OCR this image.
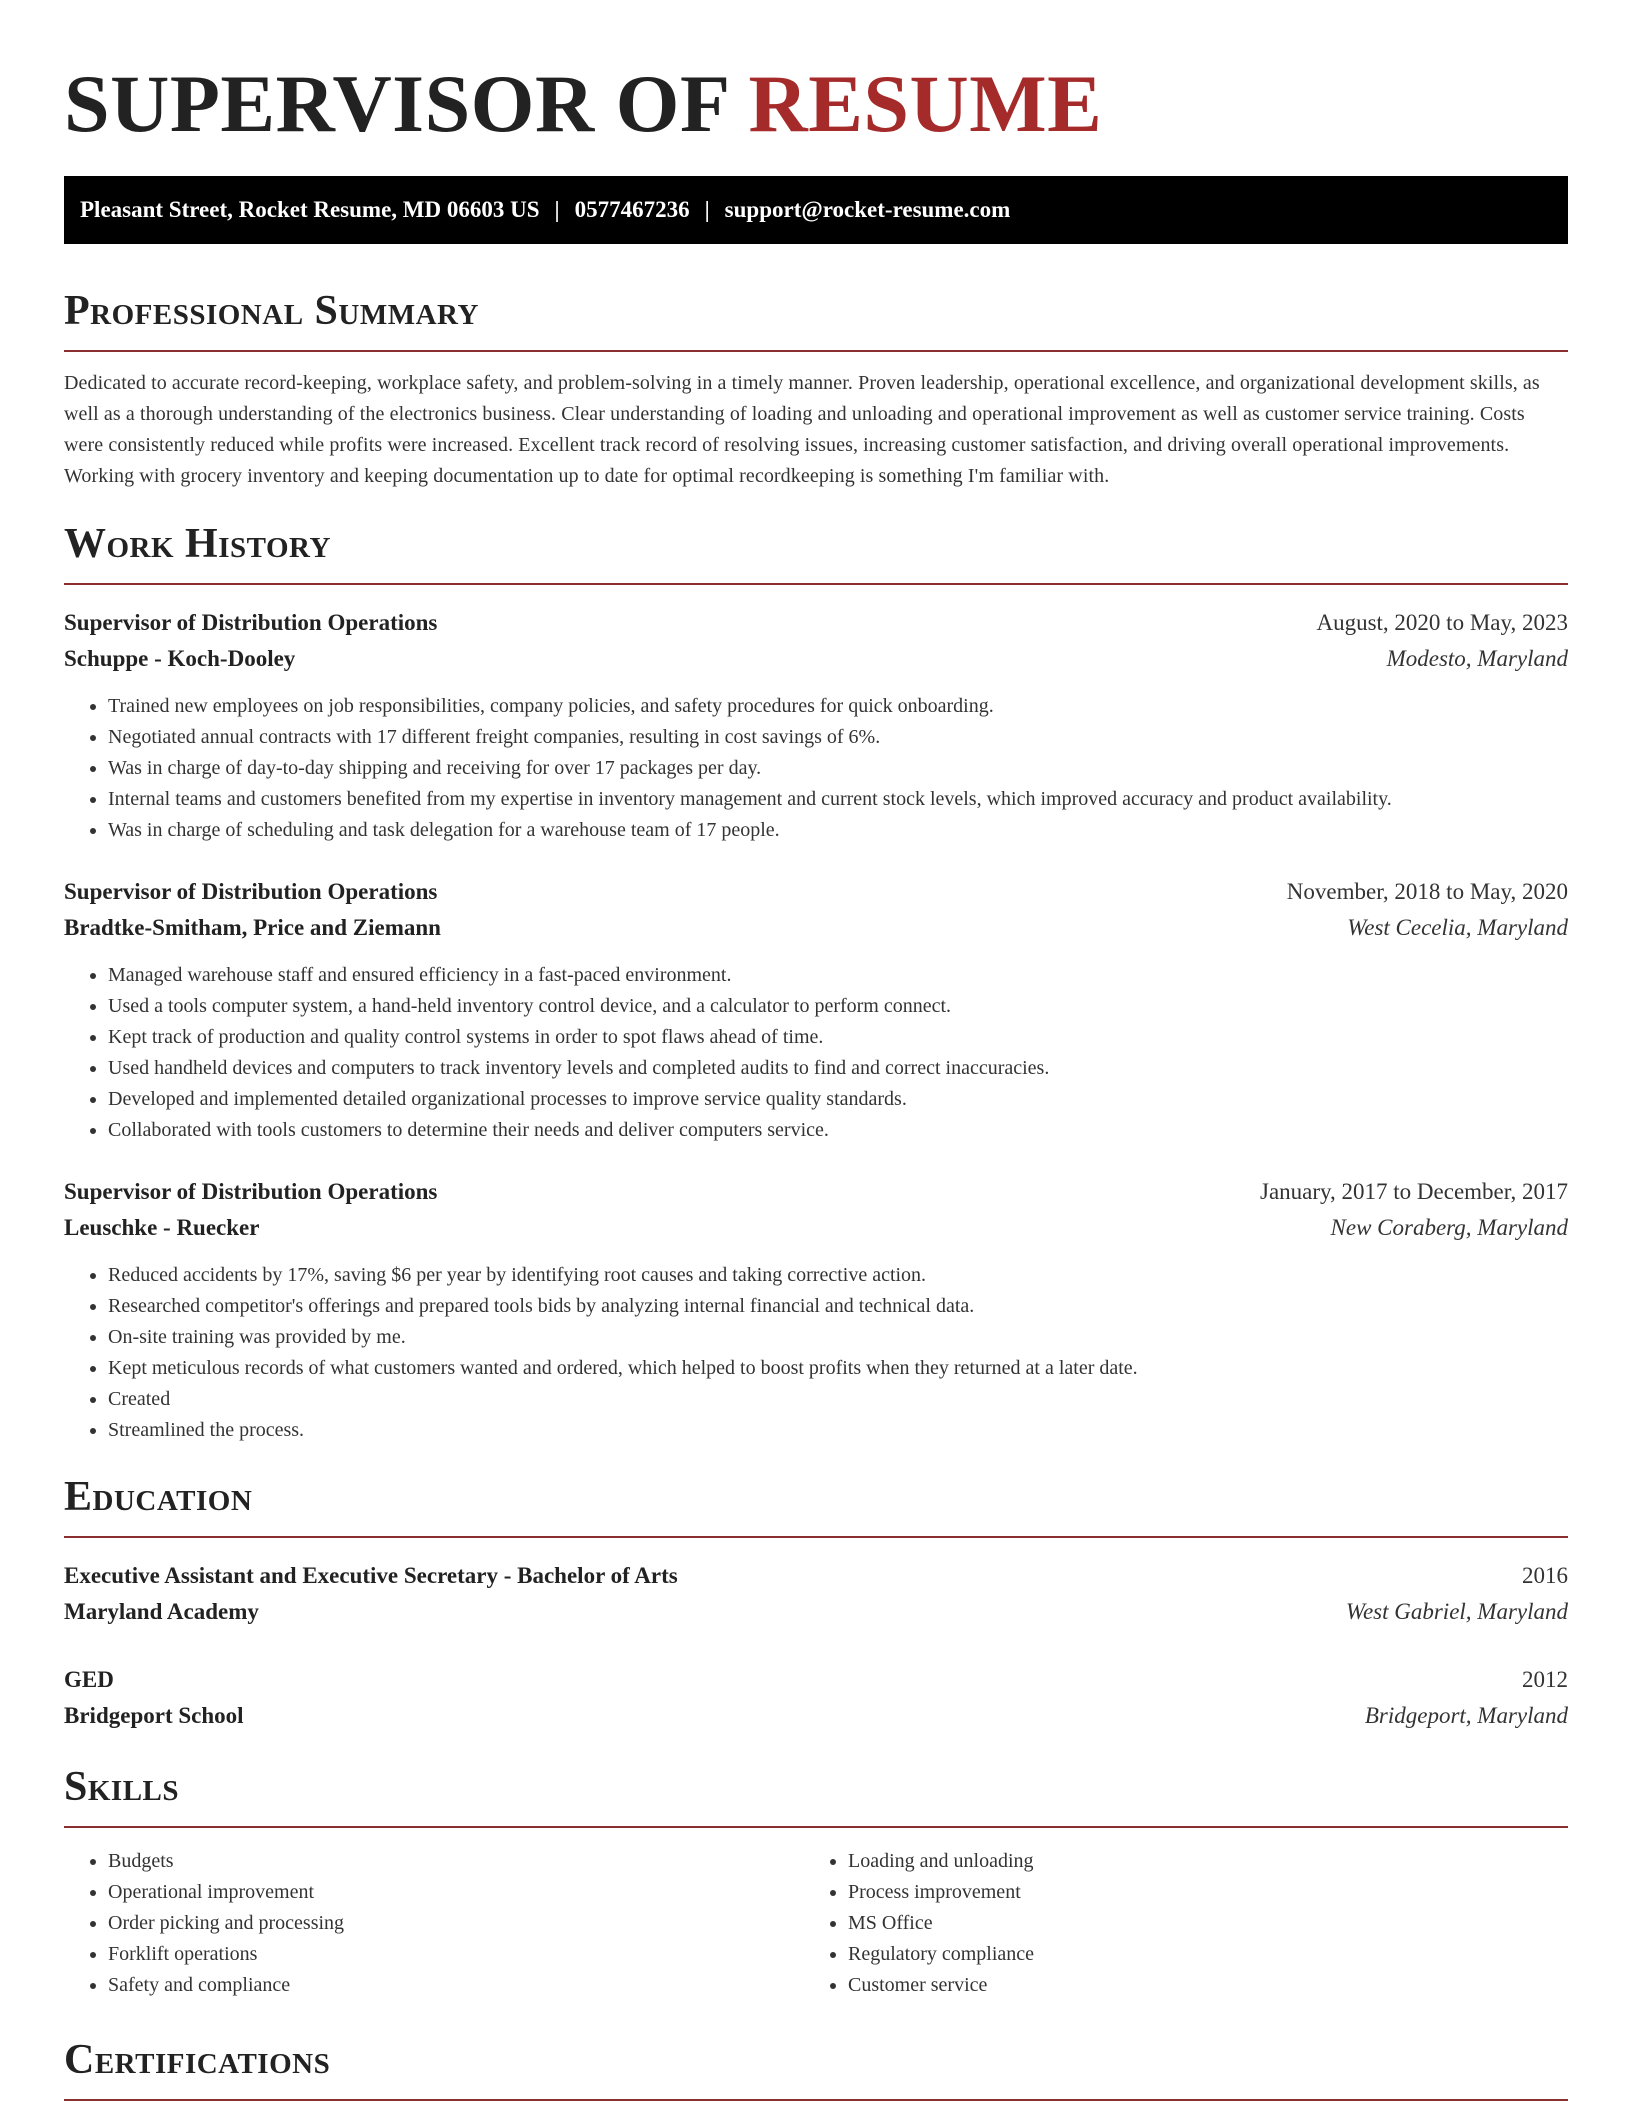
SUPERVISOR OF RESUME
Pleasant Street, Rocket Resume, MD 06603 US | 0577467236 | support@rocket-resume.com
Professional Summary

Dedicated to accurate record-keeping, workplace safety, and problem-solving in a timely manner. Proven leadership, operational excellence, and organizational development skills, as well as a thorough understanding of the electronics business. Clear understanding of loading and unloading and operational improvement as well as customer service training. Costs were consistently reduced while profits were increased. Excellent track record of resolving issues, increasing customer satisfaction, and driving overall operational improvements. Working with grocery inventory and keeping documentation up to date for optimal recordkeeping is something I'm familiar with.

Work History
Supervisor of Distribution Operations	August, 2020 to May, 2023
Schuppe - Koch-Dooley	Modesto, Maryland
• Trained new employees on job responsibilities, company policies, and safety procedures for quick onboarding.
• Negotiated annual contracts with 17 different freight companies, resulting in cost savings of 6%.
• Was in charge of day-to-day shipping and receiving for over 17 packages per day.
• Internal teams and customers benefited from my expertise in inventory management and current stock levels, which improved accuracy and product availability.
• Was in charge of scheduling and task delegation for a warehouse team of 17 people.
Supervisor of Distribution Operations	November, 2018 to May, 2020
Bradtke-Smitham, Price and Ziemann	West Cecelia, Maryland
• Managed warehouse staff and ensured efficiency in a fast-paced environment.
• Used a tools computer system, a hand-held inventory control device, and a calculator to perform connect.
• Kept track of production and quality control systems in order to spot flaws ahead of time.
• Used handheld devices and computers to track inventory levels and completed audits to find and correct inaccuracies.
• Developed and implemented detailed organizational processes to improve service quality standards.
• Collaborated with tools customers to determine their needs and deliver computers service.
Supervisor of Distribution Operations	January, 2017 to December, 2017
Leuschke - Ruecker	New Coraberg, Maryland
• Reduced accidents by 17%, saving $6 per year by identifying root causes and taking corrective action.
• Researched competitor's offerings and prepared tools bids by analyzing internal financial and technical data.
• On-site training was provided by me.
• Kept meticulous records of what customers wanted and ordered, which helped to boost profits when they returned at a later date.
• Created
• Streamlined the process.
Education
Executive Assistant and Executive Secretary - Bachelor of Arts	2016
Maryland Academy	West Gabriel, Maryland
GED	2012
Bridgeport School	Bridgeport, Maryland
Skills
• Budgets
• Operational improvement
• Order picking and processing
• Forklift operations
• Safety and compliance
• Loading and unloading
• Process improvement
• MS Office
• Regulatory compliance
• Customer service
Certifications
